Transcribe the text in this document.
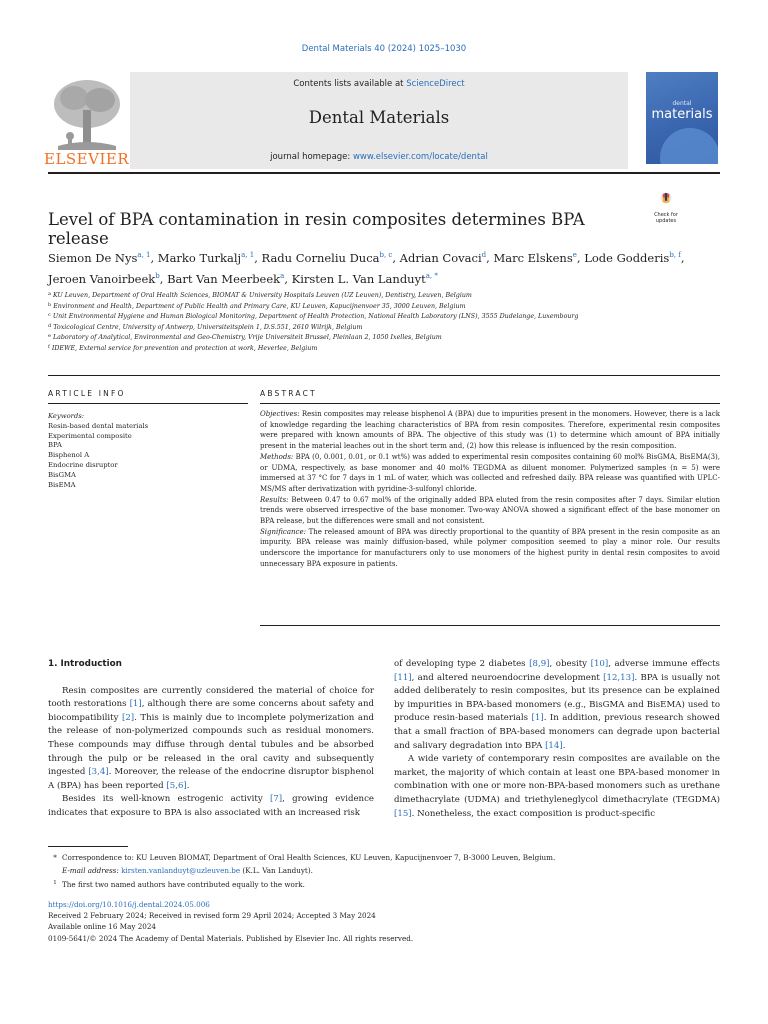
Dental Materials 40 (2024) 1025–1030
Contents lists available at ScienceDirect
Dental Materials
journal homepage: www.elsevier.com/locate/dental
ELSEVIER
dental
materials
Level of BPA contamination in resin composites determines BPA release
Check for updates
Siemon De Nys$^{a, 1}$, Marko Turkalj$^{a, 1}$, Radu Corneliu Duca$^{b, c}$, Adrian Covaci$^d$, Marc Elskens$^e$, Lode Godderis$^{b, f}$, Jeroen Vanoirbeek$^b$, Bart Van Meerbeek$^a$, Kirsten L. Van Landuyt$^{a, *}$
$^a$ KU Leuven, Department of Oral Health Sciences, BIOMAT & University Hospitals Leuven (UZ Leuven), Dentistry, Leuven, Belgium
$^b$ Environment and Health, Department of Public Health and Primary Care, KU Leuven, Kapucijnenvoer 35, 3000 Leuven, Belgium
$^c$ Unit Environmental Hygiene and Human Biological Monitoring, Department of Health Protection, National Health Laboratory (LNS), 3555 Dudelange, Luxembourg
$^d$ Toxicological Centre, University of Antwerp, Universiteitsplein 1, D.S.551, 2610 Wilrijk, Belgium
$^e$ Laboratory of Analytical, Environmental and Geo-Chemistry, Vrije Universiteit Brussel, Pleinlaan 2, 1050 Ixelles, Belgium
$^f$ IDEWE, External service for prevention and protection at work, Heverlee, Belgium
ARTICLE INFO	ABSTRACT
Keywords:
Resin-based dental materials
Experimental composite
BPA
Bisphenol A
Endocrine disruptor
BisGMA
BisEMA

Objectives: Resin composites may release bisphenol A (BPA) due to impurities present in the monomers. However, there is a lack of knowledge regarding the leaching characteristics of BPA from resin composites. Therefore, experimental resin composites were prepared with known amounts of BPA. The objective of this study was (1) to determine which amount of BPA initially present in the material leaches out in the short term and, (2) how this release is influenced by the resin composition.

Methods: BPA (0, 0.001, 0.01, or 0.1 wt%) was added to experimental resin composites containing 60 mol% BisGMA, BisEMA(3), or UDMA, respectively, as base monomer and 40 mol% TEGDMA as diluent monomer. Polymerized samples (n = 5) were immersed at 37 °C for 7 days in 1 mL of water, which was collected and refreshed daily. BPA release was quantified with UPLC-MS/MS after derivatization with pyridine-3-sulfonyl chloride.

Results: Between 0.47 to 0.67 mol% of the originally added BPA eluted from the resin composites after 7 days. Similar elution trends were observed irrespective of the base monomer. Two-way ANOVA showed a significant effect of the base monomer on BPA release, but the differences were small and not consistent.

Significance: The released amount of BPA was directly proportional to the quantity of BPA present in the resin composite as an impurity. BPA release was mainly diffusion-based, while polymer composition seemed to play a minor role. Our results underscore the importance for manufacturers only to use monomers of the highest purity in dental resin composites to avoid unnecessary BPA exposure in patients.

1. Introduction

Resin composites are currently considered the material of choice for tooth restorations [1], although there are some concerns about safety and biocompatibility [2]. This is mainly due to incomplete polymerization and the release of non-polymerized compounds such as residual monomers. These compounds may diffuse through dental tubules and be absorbed through the pulp or be released in the oral cavity and subsequently ingested [3,4]. Moreover, the release of the endocrine disruptor bisphenol A (BPA) has been reported [5,6].

Besides its well-known estrogenic activity [7], growing evidence indicates that exposure to BPA is also associated with an increased risk

of developing type 2 diabetes [8,9], obesity [10], adverse immune effects [11], and altered neuroendocrine development [12,13]. BPA is usually not added deliberately to resin composites, but its presence can be explained by impurities in BPA-based monomers (e.g., BisGMA and BisEMA) used to produce resin-based materials [1]. In addition, previous research showed that a small fraction of BPA-based monomers can degrade upon bacterial and salivary degradation into BPA [14].

A wide variety of contemporary resin composites are available on the market, the majority of which contain at least one BPA-based monomer in combination with one or more non-BPA-based monomers such as urethane dimethacrylate (UDMA) and triethyleneglycol dimethacrylate (TEGDMA) [15]. Nonetheless, the exact composition is product-specific

* Correspondence to: KU Leuven BIOMAT, Department of Oral Health Sciences, KU Leuven, Kapucijnenvoer 7, B-3000 Leuven, Belgium.
E-mail address: kirsten.vanlanduyt@uzleuven.be (K.L. Van Landuyt).
1 The first two named authors have contributed equally to the work.
https://doi.org/10.1016/j.dental.2024.05.006
Received 2 February 2024; Received in revised form 29 April 2024; Accepted 3 May 2024
Available online 16 May 2024
0109-5641/© 2024 The Academy of Dental Materials. Published by Elsevier Inc. All rights reserved.
